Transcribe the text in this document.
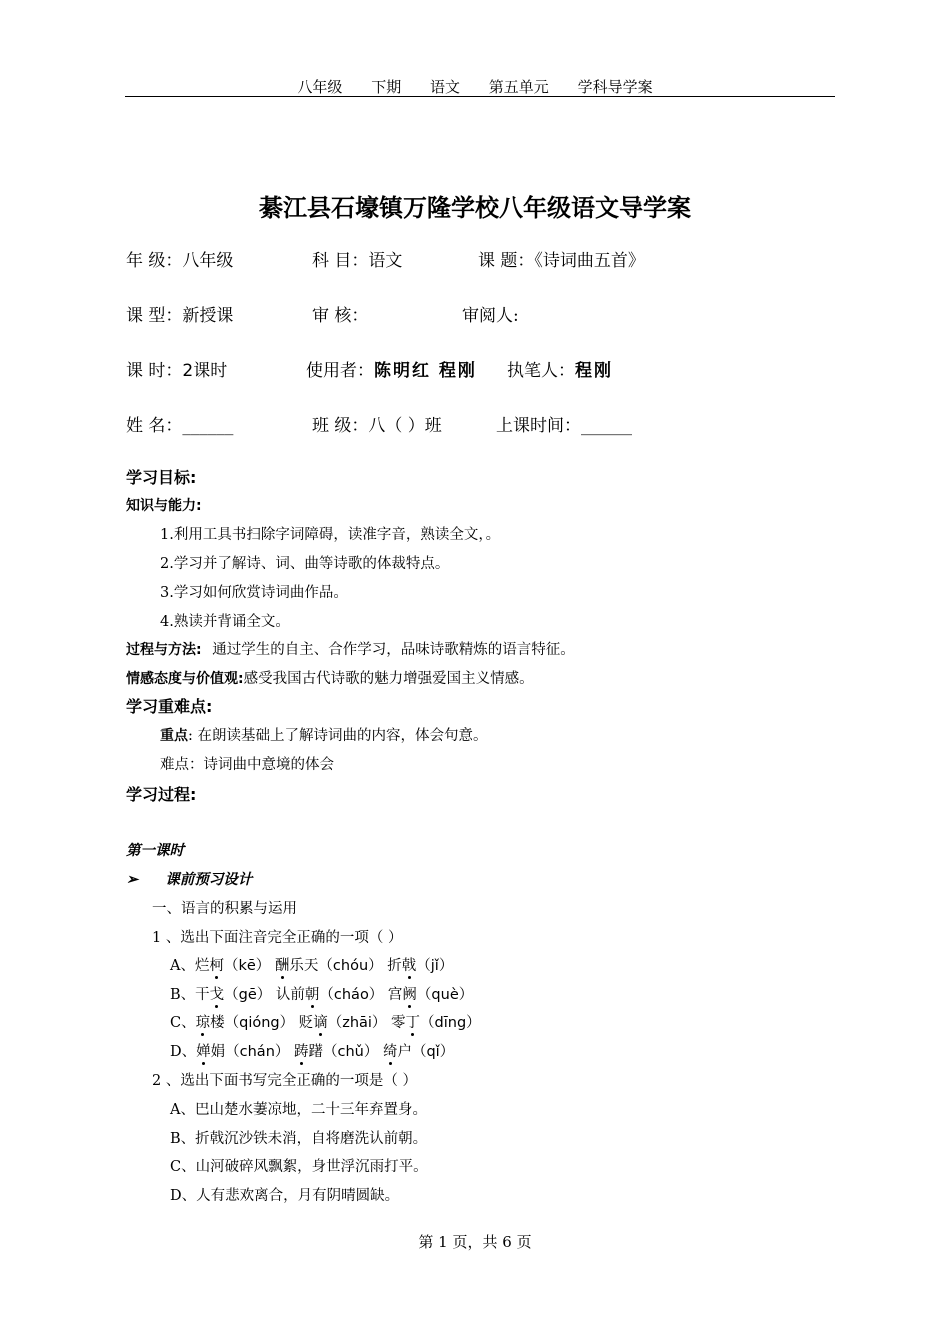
八年级 下期 语文 第五单元 学科导学案
綦江县石壕镇万隆学校八年级语文导学案
年 级：八年级	科 目：语文	课 题：《诗词曲五首》
课 型：新授课	审 核：	审阅人:
课 时：2课时	使用者：陈明红 程刚 执笔人：程刚
姓 名：______	班 级：八（ ）班	上课时间：______
学习目标:
知识与能力:
1.利用工具书扫除字词障碍，读准字音，熟读全文，。
2.学习并了解诗、词、曲等诗歌的体裁特点。
3.学习如何欣赏诗词曲作品。
4.熟读并背诵全文。
过程与方法: 通过学生的自主、合作学习，品味诗歌精炼的语言特征。
情感态度与价值观:感受我国古代诗歌的魅力增强爱国主义情感。
学习重难点:
重点: 在朗读基础上了解诗词曲的内容，体会句意。
难点：诗词曲中意境的体会
学习过程:
第一课时
➢ 课前预习设计
一、语言的积累与运用
1 、选出下面注音完全正确的一项（ ）
A、烂柯（kē） 酬乐天（chóu） 折戟（jǐ）
B、干戈（gē） 认前朝（cháo） 宫阙（què）
C、琼楼（qióng） 贬谪（zhāi） 零丁（dīng）
D、婵娟（chán） 踌躇（chǔ） 绮户（qǐ）
2 、选出下面书写完全正确的一项是（ ）
A、巴山楚水萋凉地，二十三年弃置身。
B、折戟沉沙铁未消，自将磨洗认前朝。
C、山河破碎风飘絮，身世浮沉雨打平。
D、人有悲欢离合，月有阴晴圆缺。
第 1 页，共 6 页
